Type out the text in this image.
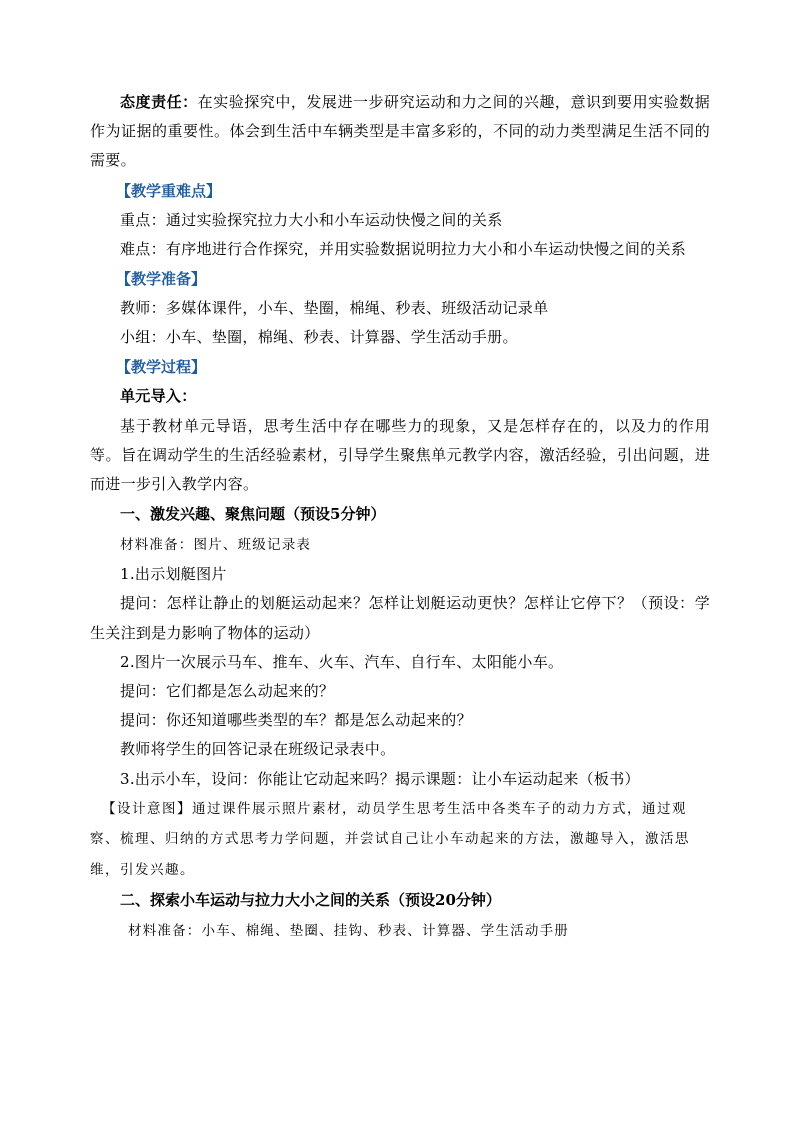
态度责任：在实验探究中，发展进一步研究运动和力之间的兴趣，意识到要用实验数据作为证据的重要性。体会到生活中车辆类型是丰富多彩的，不同的动力类型满足生活不同的需要。

【教学重难点】

重点：通过实验探究拉力大小和小车运动快慢之间的关系

难点：有序地进行合作探究，并用实验数据说明拉力大小和小车运动快慢之间的关系

【教学准备】

教师：多媒体课件，小车、垫圈，棉绳、秒表、班级活动记录单

小组：小车、垫圈，棉绳、秒表、计算器、学生活动手册。

【教学过程】

单元导入：

基于教材单元导语，思考生活中存在哪些力的现象，又是怎样存在的，以及力的作用等。旨在调动学生的生活经验素材，引导学生聚焦单元教学内容，激活经验，引出问题，进而进一步引入教学内容。

一、激发兴趣、聚焦问题（预设5分钟）

材料准备：图片、班级记录表

1.出示划艇图片

提问：怎样让静止的划艇运动起来？怎样让划艇运动更快？怎样让它停下？（预设：学生关注到是力影响了物体的运动）

2.图片一次展示马车、推车、火车、汽车、自行车、太阳能小车。

提问：它们都是怎么动起来的？

提问：你还知道哪些类型的车？都是怎么动起来的？

教师将学生的回答记录在班级记录表中。

3.出示小车，设问：你能让它动起来吗？揭示课题：让小车运动起来（板书）

【设计意图】通过课件展示照片素材，动员学生思考生活中各类车子的动力方式，通过观察、梳理、归纳的方式思考力学问题，并尝试自己让小车动起来的方法，激趣导入，激活思维，引发兴趣。

二、探索小车运动与拉力大小之间的关系（预设20分钟）

材料准备：小车、棉绳、垫圈、挂钩、秒表、计算器、学生活动手册
